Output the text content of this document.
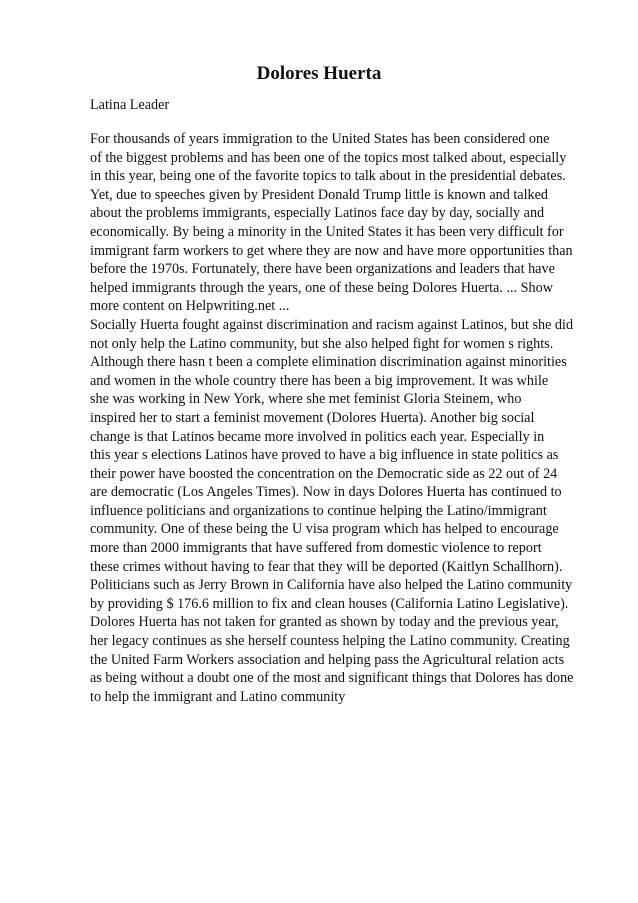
Dolores Huerta
Latina Leader
For thousands of years immigration to the United States has been considered one
of the biggest problems and has been one of the topics most talked about, especially
in this year, being one of the favorite topics to talk about in the presidential debates.
Yet, due to speeches given by President Donald Trump little is known and talked
about the problems immigrants, especially Latinos face day by day, socially and
economically. By being a minority in the United States it has been very difficult for
immigrant farm workers to get where they are now and have more opportunities than
before the 1970s. Fortunately, there have been organizations and leaders that have
helped immigrants through the years, one of these being Dolores Huerta. ... Show
more content on Helpwriting.net ...
Socially Huerta fought against discrimination and racism against Latinos, but she did
not only help the Latino community, but she also helped fight for women s rights.
Although there hasn t been a complete elimination discrimination against minorities
and women in the whole country there has been a big improvement. It was while
she was working in New York, where she met feminist Gloria Steinem, who
inspired her to start a feminist movement (Dolores Huerta). Another big social
change is that Latinos became more involved in politics each year. Especially in
this year s elections Latinos have proved to have a big influence in state politics as
their power have boosted the concentration on the Democratic side as 22 out of 24
are democratic (Los Angeles Times). Now in days Dolores Huerta has continued to
influence politicians and organizations to continue helping the Latino/immigrant
community. One of these being the U visa program which has helped to encourage
more than 2000 immigrants that have suffered from domestic violence to report
these crimes without having to fear that they will be deported (Kaitlyn Schallhorn).
Politicians such as Jerry Brown in California have also helped the Latino community
by providing $ 176.6 million to fix and clean houses (California Latino Legislative).
Dolores Huerta has not taken for granted as shown by today and the previous year,
her legacy continues as she herself countess helping the Latino community. Creating
the United Farm Workers association and helping pass the Agricultural relation acts
as being without a doubt one of the most and significant things that Dolores has done
to help the immigrant and Latino community
